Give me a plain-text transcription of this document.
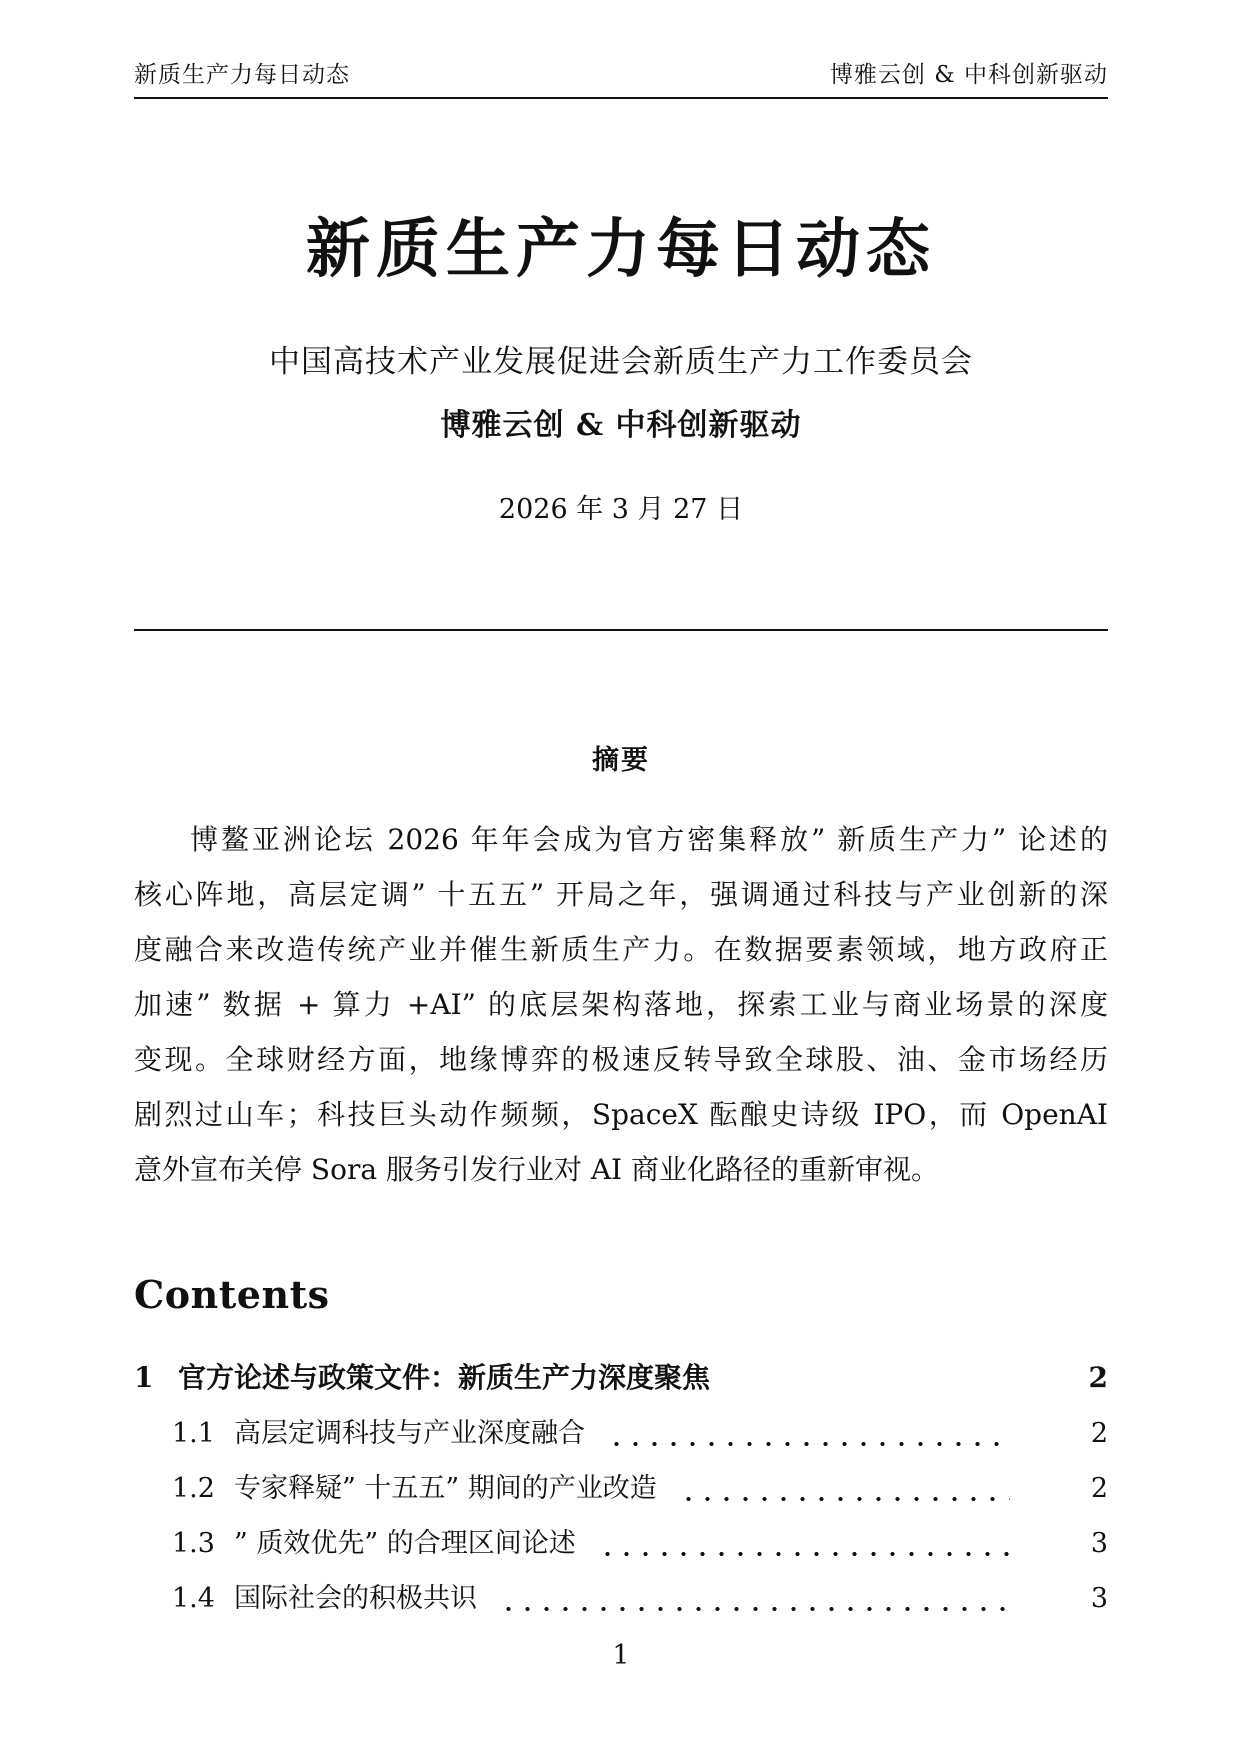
新质生产力每日动态	博雅云创 & 中科创新驱动
新质生产力每日动态
中国高技术产业发展促进会新质生产力工作委员会
博雅云创 & 中科创新驱动
2026 年 3 月 27 日
摘要
博鳌亚洲论坛 2026 年年会成为官方密集释放” 新质生产力” 论述的
核心阵地，高层定调” 十五五” 开局之年，强调通过科技与产业创新的深
度融合来改造传统产业并催生新质生产力。在数据要素领域，地方政府正
加速” 数据 + 算力 +AI” 的底层架构落地，探索工业与商业场景的深度
变现。全球财经方面，地缘博弈的极速反转导致全球股、油、金市场经历
剧烈过山车；科技巨头动作频频，SpaceX 酝酿史诗级 IPO，而 OpenAI
意外宣布关停 Sora 服务引发行业对 AI 商业化路径的重新审视。
Contents
1 官方论述与政策文件：新质生产力深度聚焦	2
1.1 高层定调科技与产业深度融合	2
1.2 专家释疑” 十五五” 期间的产业改造	2
1.3 ” 质效优先” 的合理区间论述	3
1.4 国际社会的积极共识	3
1
